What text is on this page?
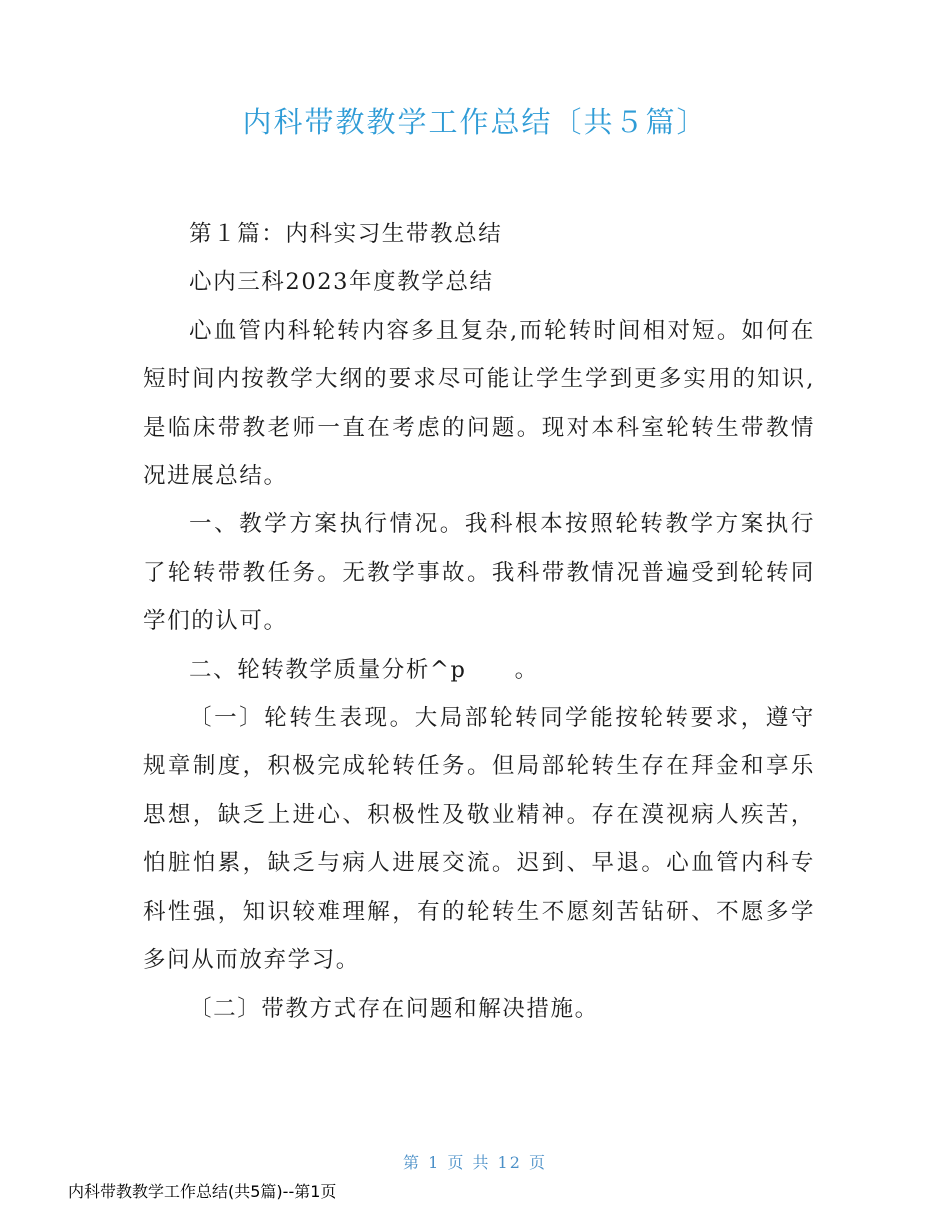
内科带教教学工作总结〔共５篇〕

第１篇：内科实习生带教总结

心内三科2023年度教学总结

心血管内科轮转内容多且复杂,而轮转时间相对短。如何在短时间内按教学大纲的要求尽可能让学生学到更多实用的知识,是临床带教老师一直在考虑的问题。现对本科室轮转生带教情况进展总结。

一、教学方案执行情况。我科根本按照轮转教学方案执行了轮转带教任务。无教学事故。我科带教情况普遍受到轮转同学们的认可。

二、轮转教学质量分析^p　　。

〔一〕轮转生表现。大局部轮转同学能按轮转要求，遵守规章制度，积极完成轮转任务。但局部轮转生存在拜金和享乐思想，缺乏上进心、积极性及敬业精神。存在漠视病人疾苦，怕脏怕累，缺乏与病人进展交流。迟到、早退。心血管内科专科性强，知识较难理解，有的轮转生不愿刻苦钻研、不愿多学多问从而放弃学习。

〔二〕带教方式存在问题和解决措施。

第 1 页 共 12 页
内科带教教学工作总结(共5篇)--第1页
